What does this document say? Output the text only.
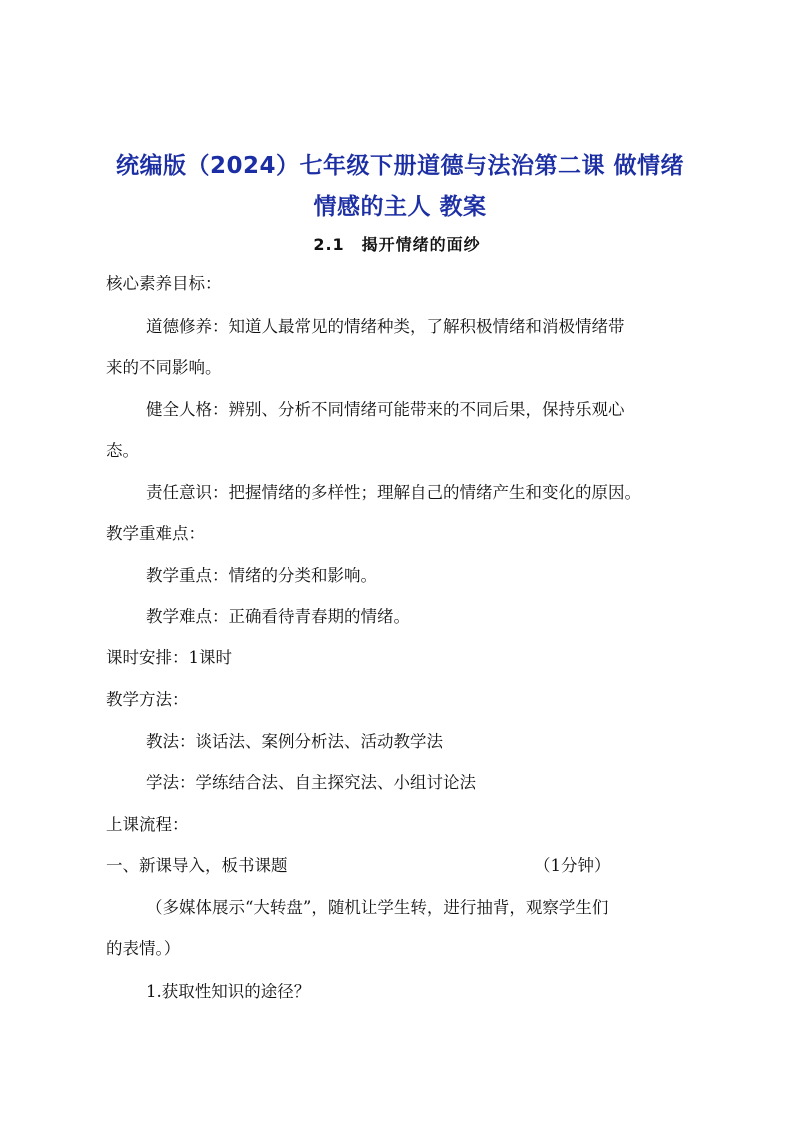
统编版（2024）七年级下册道德与法治第二课 做情绪
情感的主人 教案
2.1　揭开情绪的面纱
核心素养目标：
道德修养：知道人最常见的情绪种类，了解积极情绪和消极情绪带
来的不同影响。
健全人格：辨别、分析不同情绪可能带来的不同后果，保持乐观心
态。
责任意识：把握情绪的多样性；理解自己的情绪产生和变化的原因。
教学重难点：
教学重点：情绪的分类和影响。
教学难点：正确看待青春期的情绪。
课时安排：1课时
教学方法：
教法：谈话法、案例分析法、活动教学法
学法：学练结合法、自主探究法、小组讨论法
上课流程：
一、新课导入，板书课题	（1分钟）
（多媒体展示“大转盘”，随机让学生转，进行抽背，观察学生们
的表情。）
1.获取性知识的途径？
